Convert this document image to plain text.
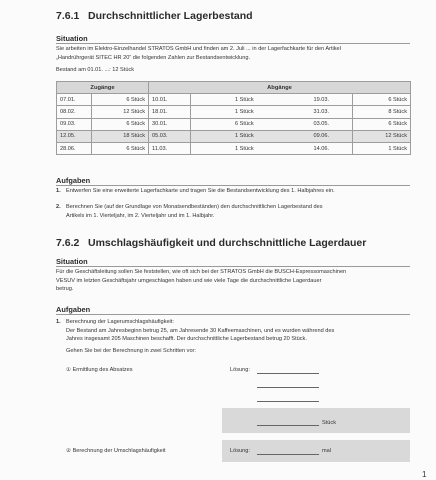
7.6.1 Durchschnittlicher Lagerbestand
Situation
Sie arbeiten im Elektro-Einzelhandel STRATOS GmbH und finden am 2. Juli ... in der Lagerfachkarte für den Artikel
„Handrührgerät SITEC HR 20“ die folgenden Zahlen zur Bestandsentwicklung.
Bestand am 01.01. ...: 12 Stück
Zugänge		Abgänge			
07.01.	6 Stück	10.01.	1 Stück	19.03.	6 Stück
08.02.	12 Stück	18.01.	1 Stück	31.03.	8 Stück
09.03.	6 Stück	30.01.	6 Stück	03.05.	6 Stück
12.05.	18 Stück	05.03.	1 Stück	09.06.	12 Stück
28.06.	6 Stück	11.03.	1 Stück	14.06.	1 Stück
Aufgaben
1. Entwerfen Sie eine erweiterte Lagerfachkarte und tragen Sie die Bestandsentwicklung des 1. Halbjahres ein.
2. Berechnen Sie (auf der Grundlage von Monatsendbeständen) den durchschnittlichen Lagerbestand des
Artikels im 1. Vierteljahr, im 2. Vierteljahr und im 1. Halbjahr.
7.6.2 Umschlagshäufigkeit und durchschnittliche Lagerdauer
Situation
Für die Geschäftsleitung sollen Sie feststellen, wie oft sich bei der STRATOS GmbH die BUSCH-Espressomaschinen
VESUV im letzten Geschäftsjahr umgeschlagen haben und wie viele Tage die durchschnittliche Lagerdauer
betrug.
Aufgaben
1. Berechnung der Lagerumschlagshäufigkeit:
Der Bestand am Jahresbeginn betrug 25, am Jahresende 30 Kaffeemaschinen, und es wurden während des
Jahres insgesamt 205 Maschinen beschafft. Der durchschnittliche Lagerbestand betrug 20 Stück.
Gehen Sie bei der Berechnung in zwei Schritten vor:
① Ermittlung des Absatzes	Lösung:
Stück
② Berechnung der Umschlagshäufigkeit	Lösung:	mal
1
